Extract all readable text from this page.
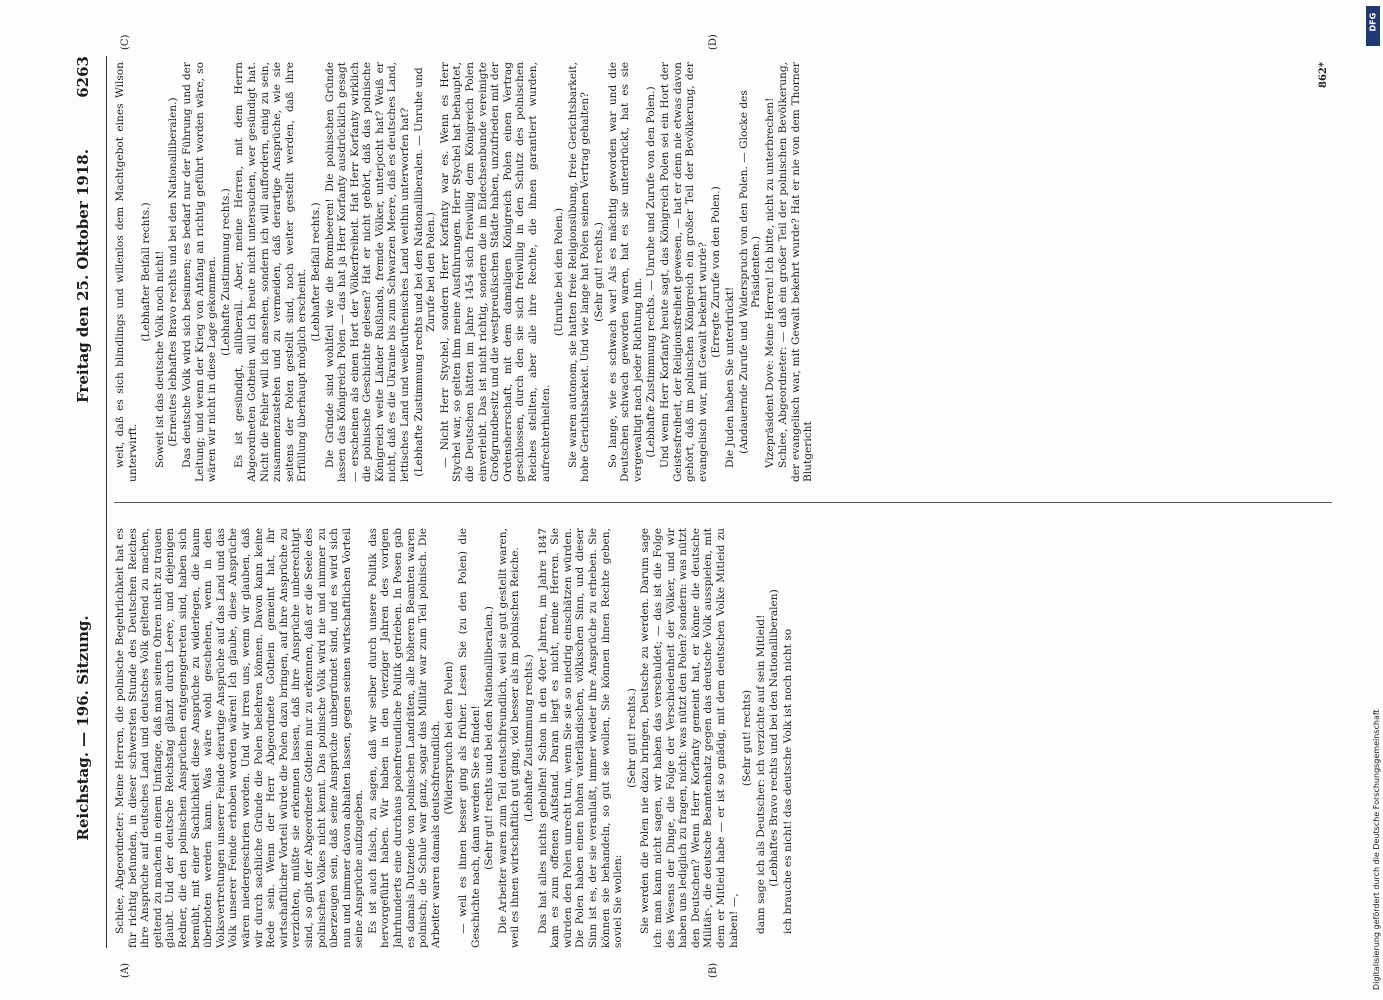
Reichstag. — 196. Sitzung.
Freitag den 25. Oktober 1918.
6263
(A)	(B)
(C)	(D)

Schlee, Abgeordneter: Meine Herren, die polnische Begehrlichkeit hat es für richtig befunden, in dieser schwersten Stunde des Deutschen Reiches ihre Ansprüche auf deutsches Land und deutsches Volk geltend zu machen, geltend zu machen in einem Umfange, daß man seinen Ohren nicht zu trauen glaubt. Und der deutsche Reichstag glänzt durch Leere, und diejenigen Redner, die den polnischen Ansprüchen entgegengetreten sind, haben sich bemüht, mit einer Sachlichkeit diese Ansprüche zu widerlegen, die kaum überboten werden kann. Was wäre wohl geschehen, wenn in den Volksvertretungen unserer Feinde derartige Ansprüche auf das Land und das Volk unserer Feinde erhoben worden wären! Ich glaube, diese Ansprüche wären niedergeschrien worden. Und wir irren uns, wenn wir glauben, daß wir durch sachliche Gründe die Polen belehren können. Davon kann keine Rede sein. Wenn der Herr Abgeordnete Gothein gemeint hat, ihr wirtschaftlicher Vorteil würde die Polen dazu bringen, auf ihre Ansprüche zu verzichten, müßte sie erkennen lassen, daß ihre Ansprüche unberechtigt sind, so gibt der Abgeordnete Gothein nur zu erkennen, daß er die Seele des polnischen Volkes nicht kennt. Das polnische Volk wird nie und nimmer zu überzeugen sein, daß seine Ansprüche unbegründet sind, und es wird sich nun und nimmer davon abhalten lassen, gegen seinen wirtschaftlichen Vorteil seine Ansprüche aufzugeben. Es ist auch falsch, zu sagen, daß wir selber durch unsere Politik das hervorgeführt haben. Wir haben in den vierziger Jahren des vorigen Jahrhunderts eine durchaus polenfreundliche Politik getrieben. In Posen gab es damals Dutzende von polnischen Landräten, alle höheren Beamten waren polnisch; die Schule war ganz, sogar das Militär war zum Teil polnisch. Die Arbeiter waren damals deutschfreundlich. (Widerspruch bei den Polen) — weil es ihnen besser ging als früher. Lesen Sie (zu den Polen) die Geschichte nach, dann werden Sie es finden! (Sehr gut! rechts und bei den Nationalliberalen.) Die Arbeiter waren zum Teil deutschfreundlich, weil sie gut gestellt waren, weil es ihnen wirtschaftlich gut ging, viel besser als im polnischen Reiche. (Lebhafte Zustimmung rechts.) Das hat alles nichts geholfen! Schon in den 40er Jahren, im Jahre 1847 kam es zum offenen Aufstand. Daran liegt es nicht, meine Herren. Sie würden den Polen unrecht tun, wenn Sie sie so niedrig einschätzen würden. Die Polen haben einen hohen vaterländischen, völkischen Sinn, und dieser Sinn ist es, der sie veranlaßt, immer wieder ihre Ansprüche zu erheben. Sie können sie behandeln, so gut sie wollen, Sie können ihnen Rechte geben, soviel Sie wollen:

(Sehr gut! rechts.) Sie werden die Polen nie dazu bringen, Deutsche zu werden. Darum sage ich: man kann nicht sagen, wir haben das verschuldet; — das ist die Folge des Wesens der Dinge, die Folge der Verschiedenheit der Völker, und wir haben uns lediglich zu fragen, nicht: was nützt den Polen? sondern: was nützt den Deutschen? Wenn Herr Korfanty gemeint hat, er könne die deutsche Militär-, die deutsche Beamtenhatz gegen das deutsche Volk ausspielen, mit dem er Mitleid habe — er ist so gnädig, mit dem deutschen Volke Mitleid zu haben! —,

(Sehr gut! rechts) dann sage ich als Deutscher: ich verzichte auf sein Mitleid! (Lebhaftes Bravo rechts und bei den Nationalliberalen) ich brauche es nicht! das deutsche Volk ist noch nicht so

weit, daß es sich blindlings und willenlos dem Machtgebot eines Wilson unterwirft.

(Lebhafter Beifall rechts.) Soweit ist das deutsche Volk noch nicht! (Erneutes lebhaftes Bravo rechts und bei den Nationalliberalen.) Das deutsche Volk wird sich besinnen; es bedarf nur der Führung und der Leitung; und wenn der Krieg von Anfang an richtig geführt worden wäre, so wären wir nicht in diese Lage gekommen. (Lebhafte Zustimmung rechts.) Es ist gesündigt, allüberall. Aber, meine Herren, mit dem Herrn Abgeordneten Gothein will ich heute nicht untersuchen, wer gesündigt hat. Nicht die Fehler will ich ansehen, sondern ich will auffordern, einig zu sein, zusammenzustehen und zu vermeiden, daß derartige Ansprüche, wie sie seitens der Polen gestellt sind, noch weiter gestellt werden, daß ihre Erfüllung überhaupt möglich erscheint. (Lebhafter Beifall rechts.) Die Gründe sind wohlfeil wie die Brombeeren! Die polnischen Gründe lassen das Königreich Polen — das hat ja Herr Korfanty ausdrücklich gesagt — erscheinen als einen Hort der Völkerfreiheit. Hat Herr Korfanty wirklich die polnische Geschichte gelesen? Hat er nicht gehört, daß das polnische Königreich weite Länder Rußlands, fremde Völker, unterjocht hat? Weiß er nicht, daß es die Ukraine bis zum Schwarzen Meere, daß es deutsches Land, lettisches Land und weißruthenisches Land weithin unterworfen hat? (Lebhafte Zustimmung rechts und bei den Nationalliberalen. — Unruhe und Zurufe bei den Polen.) — Nicht Herr Stychel, sondern Herr Korfanty war es. Wenn es Herr Stychel war, so gelten ihm meine Ausführungen. Herr Stychel hat behauptet, die Deutschen hätten im Jahre 1454 sich freiwillig dem Königreich Polen einverleibt. Das ist nicht richtig, sondern die im Eidechsenbunde vereinigte Großgrundbesitz und die westpreußischen Städte haben, unzufrieden mit der Ordensherrschaft, mit dem damaligen Königreich Polen einen Vertrag geschlossen, durch den sie sich freiwillig in den Schutz des polnischen Reiches stellten, aber alle ihre Rechte, die ihnen garantiert wurden, aufrechterhielten.

(Unruhe bei den Polen.) Sie waren autonom, sie hatten freie Religionsübung, freie Gerichtsbarkeit, hohe Gerichtsbarkeit. Und wie lange hat Polen seinen Vertrag gehalten? (Sehr gut! rechts.) So lange, wie es schwach war! Als es mächtig geworden war und die Deutschen schwach geworden waren, hat es sie unterdrückt, hat es sie vergewaltigt nach jeder Richtung hin. (Lebhafte Zustimmung rechts. — Unruhe und Zurufe von den Polen.) Und wenn Herr Korfanty heute sagt, das Königreich Polen sei ein Hort der Geistesfreiheit, der Religionsfreiheit gewesen, — hat er denn nie etwas davon gehört, daß im polnischen Königreich ein großer Teil der Bevölkerung, der evangelisch war, mit Gewalt bekehrt wurde? (Erregte Zurufe von den Polen.)

Die Juden haben Sie unterdrückt! (Andauernde Zurufe und Widerspruch von den Polen. — Glocke des Präsidenten.) Vizepräsident Dove: Meine Herren! Ich bitte, nicht zu unterbrechen! Schlee, Abgeordneter: — daß ein großer Teil der polnischen Bevölkerung, der evangelisch war, mit Gewalt bekehrt wurde? Hat er nie von dem Thorner Blutgericht

862*
Digitalisierung gefördert durch die Deutsche Forschungsgemeinschaft
DFG
